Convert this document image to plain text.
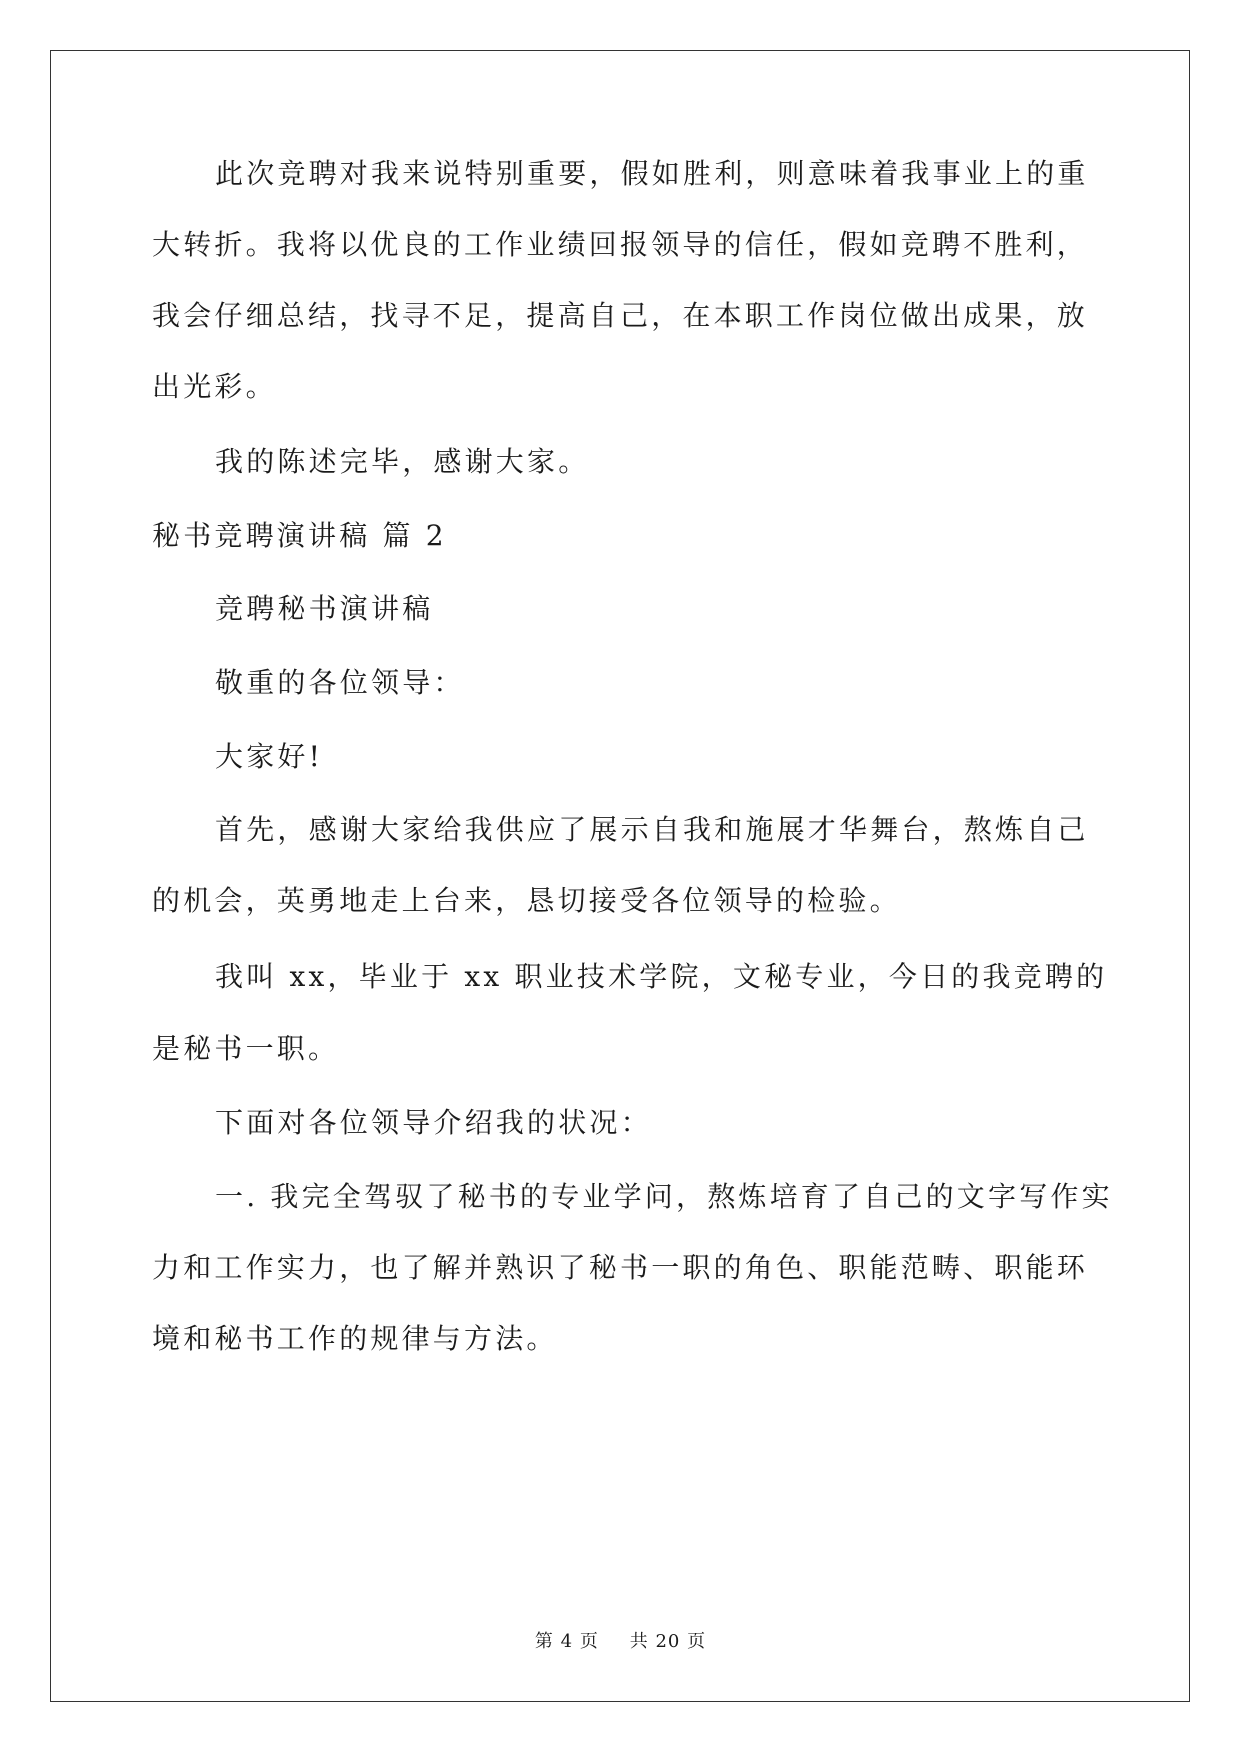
此次竞聘对我来说特别重要，假如胜利，则意味着我事业上的重
大转折。我将以优良的工作业绩回报领导的信任，假如竞聘不胜利，
我会仔细总结，找寻不足，提高自己，在本职工作岗位做出成果，放
出光彩。
我的陈述完毕，感谢大家。
秘书竞聘演讲稿 篇 2
竞聘秘书演讲稿
敬重的各位领导：
大家好!
首先，感谢大家给我供应了展示自我和施展才华舞台，熬炼自己
的机会，英勇地走上台来，恳切接受各位领导的检验。
我叫 xx，毕业于 xx 职业技术学院，文秘专业，今日的我竞聘的
是秘书一职。
下面对各位领导介绍我的状况：
一. 我完全驾驭了秘书的专业学问，熬炼培育了自己的文字写作实
力和工作实力，也了解并熟识了秘书一职的角色、职能范畴、职能环
境和秘书工作的规律与方法。
第 4 页 共 20 页
